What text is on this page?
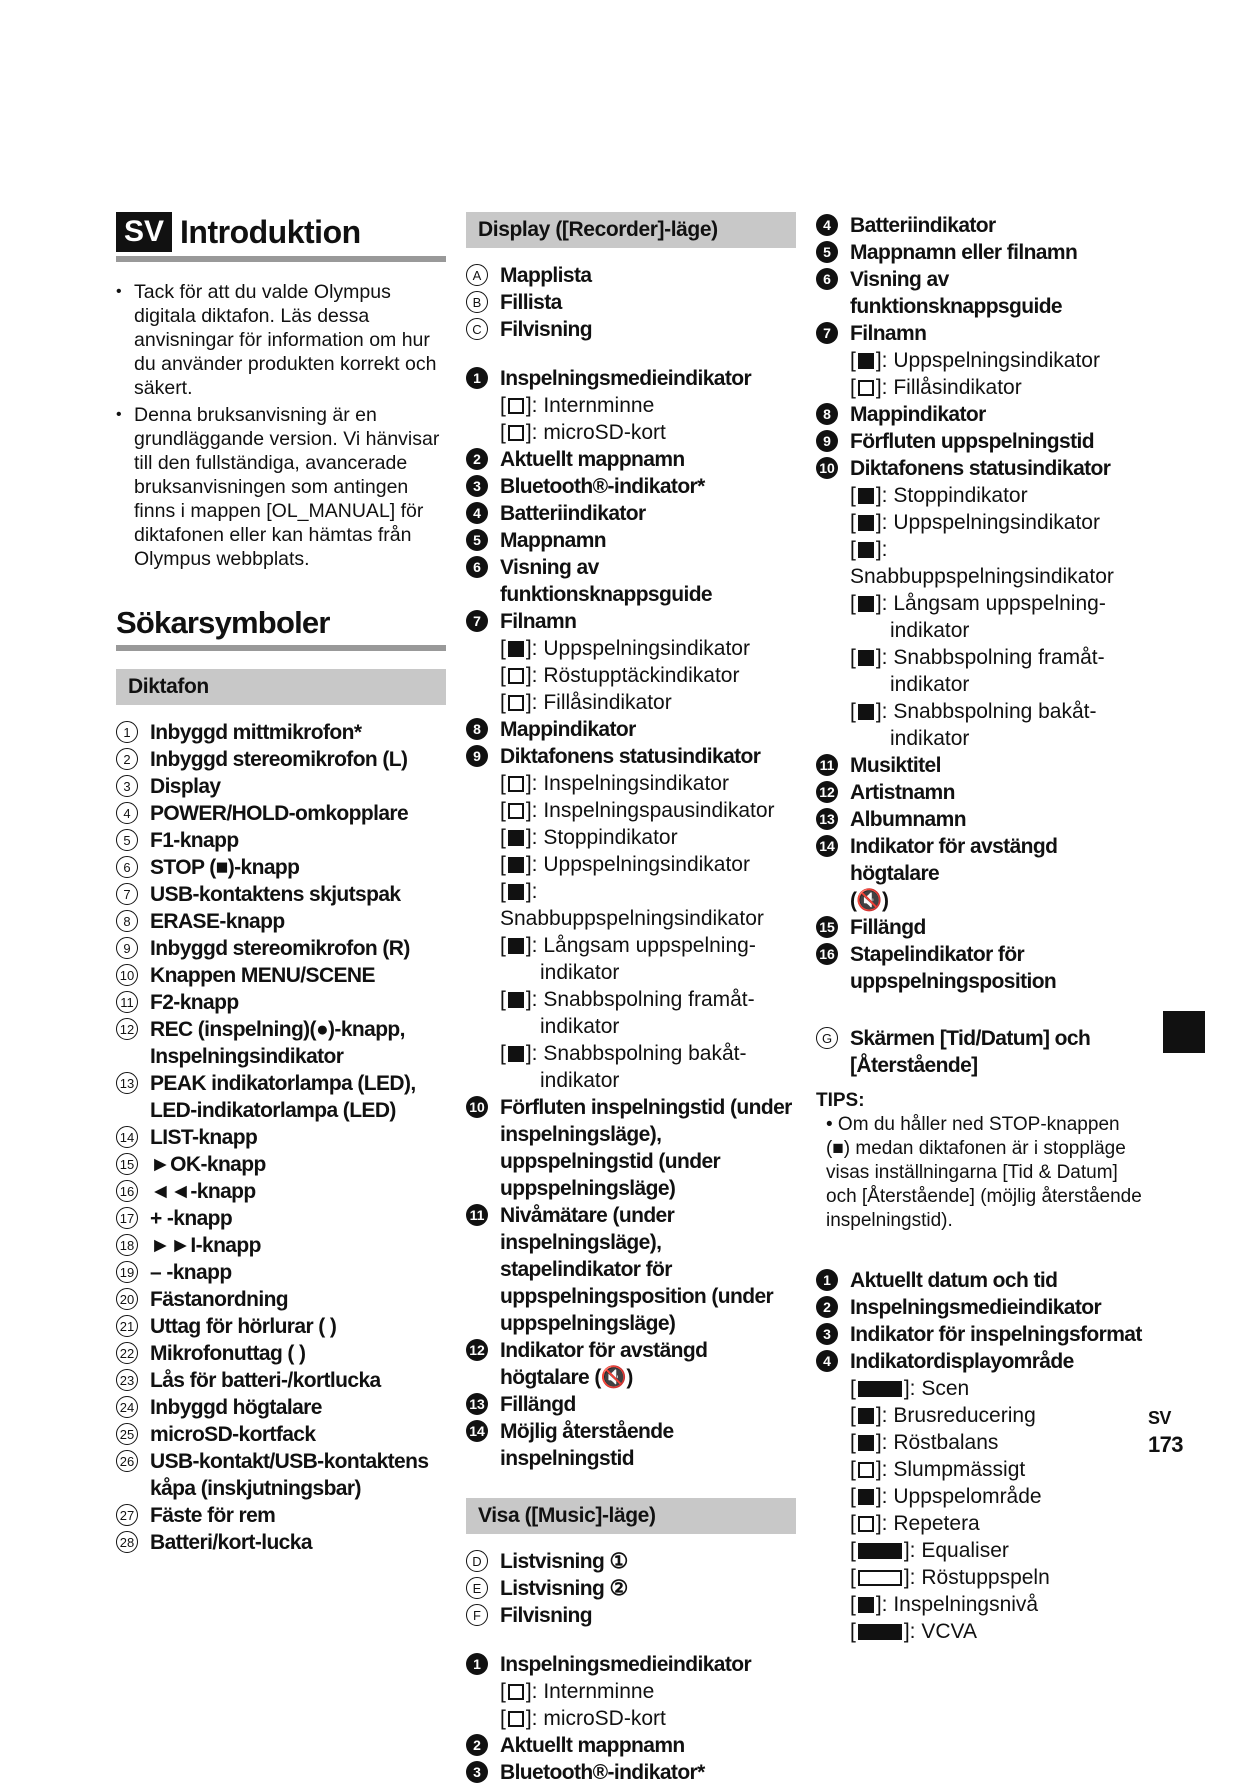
SV Introduktion
• Tack för att du valde Olympus digitala diktafon. Läs dessa anvisningar för information om hur du använder produkten korrekt och säkert.
• Denna bruksanvisning är en grundläggande version. Vi hänvisar till den fullständiga, avancerade bruksanvisningen som antingen finns i mappen [OL_MANUAL] för diktafonen eller kan hämtas från Olympus webbplats.
Sökarsymboler
Diktafon
1 Inbyggd mittmikrofon*
2 Inbyggd stereomikrofon (L)
3 Display
4 POWER/HOLD-omkopplare
5 F1-knapp
6 STOP (■)-knapp
7 USB-kontaktens skjutspak
8 ERASE-knapp
9 Inbyggd stereomikrofon (R)
10 Knappen MENU/SCENE
11 F2-knapp
12 REC (inspelning)(●)-knapp, Inspelningsindikator
13 PEAK indikatorlampa (LED), LED-indikatorlampa (LED)
14 LIST-knapp
15 ►OK-knapp
16 ◄◄-knapp
17 + -knapp
18 ►►I-knapp
19 – -knapp
20 Fästanordning
21 Uttag för hörlurar ( )
22 Mikrofonuttag ( )
23 Lås för batteri-/kortlucka
24 Inbyggd högtalare
25 microSD-kortfack
26 USB-kontakt/USB-kontaktens kåpa (inskjutningsbar)
27 Fäste för rem
28 Batteri/kort-lucka
Display ([Recorder]-läge)
A Mapplista
B Fillista
C Filvisning
1 Inspelningsmedieindikator
[ ]: Internminne
[ ]: microSD-kort
2 Aktuellt mappnamn
3 Bluetooth®-indikator*
4 Batteriindikator
5 Mappnamn
6 Visning av funktionsknappsguide
7 Filnamn
[ ]: Uppspelningsindikator
[ ]: Röstupptäckindikator
[ ]: Fillåsindikator
8 Mappindikator
9 Diktafonens statusindikator
[ ]: Inspelningsindikator
[ ]: Inspelningspausindikator
[ ]: Stoppindikator
[ ]: Uppspelningsindikator
[ ]: Snabbuppspelningsindikator
[ ]: Långsam uppspelning-
indikator
[ ]: Snabbspolning framåt-
indikator
[ ]: Snabbspolning bakåt-
indikator
10 Förfluten inspelningstid (under inspelningsläge), uppspelningstid (under uppspelningsläge)
11 Nivåmätare (under inspelningsläge), stapelindikator för uppspelningsposition (under uppspelningsläge)
12 Indikator för avstängd högtalare (🔇)
13 Fillängd
14 Möjlig återstående inspelningstid
Visa ([Music]-läge)
D Listvisning ①
E Listvisning ②
F Filvisning
1 Inspelningsmedieindikator
[ ]: Internminne
[ ]: microSD-kort
2 Aktuellt mappnamn
3 Bluetooth®-indikator*
4 Batteriindikator
5 Mappnamn eller filnamn
6 Visning av funktionsknappsguide
7 Filnamn
[ ]: Uppspelningsindikator
[ ]: Fillåsindikator
8 Mappindikator
9 Förfluten uppspelningstid
10 Diktafonens statusindikator
[ ]: Stoppindikator
[ ]: Uppspelningsindikator
[ ]: Snabbuppspelningsindikator
[ ]: Långsam uppspelning-
indikator
[ ]: Snabbspolning framåt-
indikator
[ ]: Snabbspolning bakåt-
indikator
11 Musiktitel
12 Artistnamn
13 Albumnamn
14 Indikator för avstängd högtalare
(🔇)
15 Fillängd
16 Stapelindikator för uppspelningsposition
G Skärmen [Tid/Datum] och [Återstående]
TIPS:
• Om du håller ned STOP-knappen (■) medan diktafonen är i stoppläge visas inställningarna [Tid & Datum] och [Återstående] (möjlig återstående inspelningstid).
1 Aktuellt datum och tid
2 Inspelningsmedieindikator
3 Indikator för inspelningsformat
4 Indikatordisplayområde
[ ]: Scen
[ ]: Brusreducering
[ ]: Röstbalans
[ ]: Slumpmässigt
[ ]: Uppspelområde
[ ]: Repetera
[ ]: Equaliser
[ ]: Röstuppspeln
[ ]: Inspelningsnivå
[ ]: VCVA
SV
173
